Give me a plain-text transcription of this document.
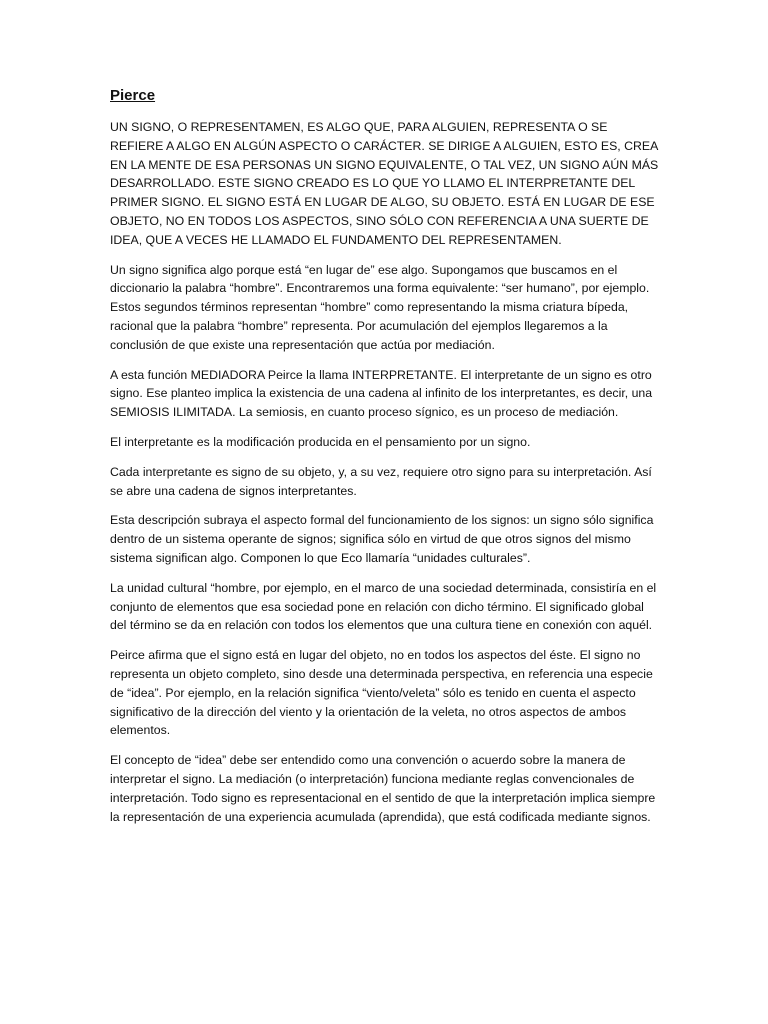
Pierce

UN SIGNO, O REPRESENTAMEN, ES ALGO QUE, PARA ALGUIEN, REPRESENTA O SE REFIERE A ALGO EN ALGÚN ASPECTO O CARÁCTER. SE DIRIGE A ALGUIEN, ESTO ES, CREA EN LA MENTE DE ESA PERSONAS UN SIGNO EQUIVALENTE, O TAL VEZ, UN SIGNO AÚN MÁS DESARROLLADO. ESTE SIGNO CREADO ES LO QUE YO LLAMO EL INTERPRETANTE DEL PRIMER SIGNO. EL SIGNO ESTÁ EN LUGAR DE ALGO, SU OBJETO. ESTÁ EN LUGAR DE ESE OBJETO, NO EN TODOS LOS ASPECTOS, SINO SÓLO CON REFERENCIA A UNA SUERTE DE IDEA, QUE A VECES HE LLAMADO EL FUNDAMENTO DEL REPRESENTAMEN.

Un signo significa algo porque está “en lugar de” ese algo. Supongamos que buscamos en el diccionario la palabra “hombre”. Encontraremos una forma equivalente: “ser humano”, por ejemplo. Estos segundos términos representan “hombre” como representando la misma criatura bípeda, racional que la palabra “hombre” representa. Por acumulación del ejemplos llegaremos a la conclusión de que existe una representación que actúa por mediación.

A esta función MEDIADORA Peirce la llama INTERPRETANTE. El interpretante de un signo es otro signo. Ese planteo implica la existencia de una cadena al infinito de los interpretantes, es decir, una SEMIOSIS ILIMITADA. La semiosis, en cuanto proceso sígnico, es un proceso de mediación.

El interpretante es la modificación producida en el pensamiento por un signo.

Cada interpretante es signo de su objeto, y, a su vez, requiere otro signo para su interpretación. Así se abre una cadena de signos interpretantes.

Esta descripción subraya el aspecto formal del funcionamiento de los signos: un signo sólo significa dentro de un sistema operante de signos; significa sólo en virtud de que otros signos del mismo sistema significan algo. Componen lo que Eco llamaría “unidades culturales”.

La unidad cultural “hombre, por ejemplo, en el marco de una sociedad determinada, consistiría en el conjunto de elementos que esa sociedad pone en relación con dicho término. El significado global del término se da en relación con todos los elementos que una cultura tiene en conexión con aquél.

Peirce afirma que el signo está en lugar del objeto, no en todos los aspectos del éste. El signo no representa un objeto completo, sino desde una determinada perspectiva, en referencia una especie de “idea”. Por ejemplo, en la relación significa “viento/veleta” sólo es tenido en cuenta el aspecto significativo de la dirección del viento y la orientación de la veleta, no otros aspectos de ambos elementos.

El concepto de “idea” debe ser entendido como una convención o acuerdo sobre la manera de interpretar el signo. La mediación (o interpretación) funciona mediante reglas convencionales de interpretación. Todo signo es representacional en el sentido de que la interpretación implica siempre la representación de una experiencia acumulada (aprendida), que está codificada mediante signos.
